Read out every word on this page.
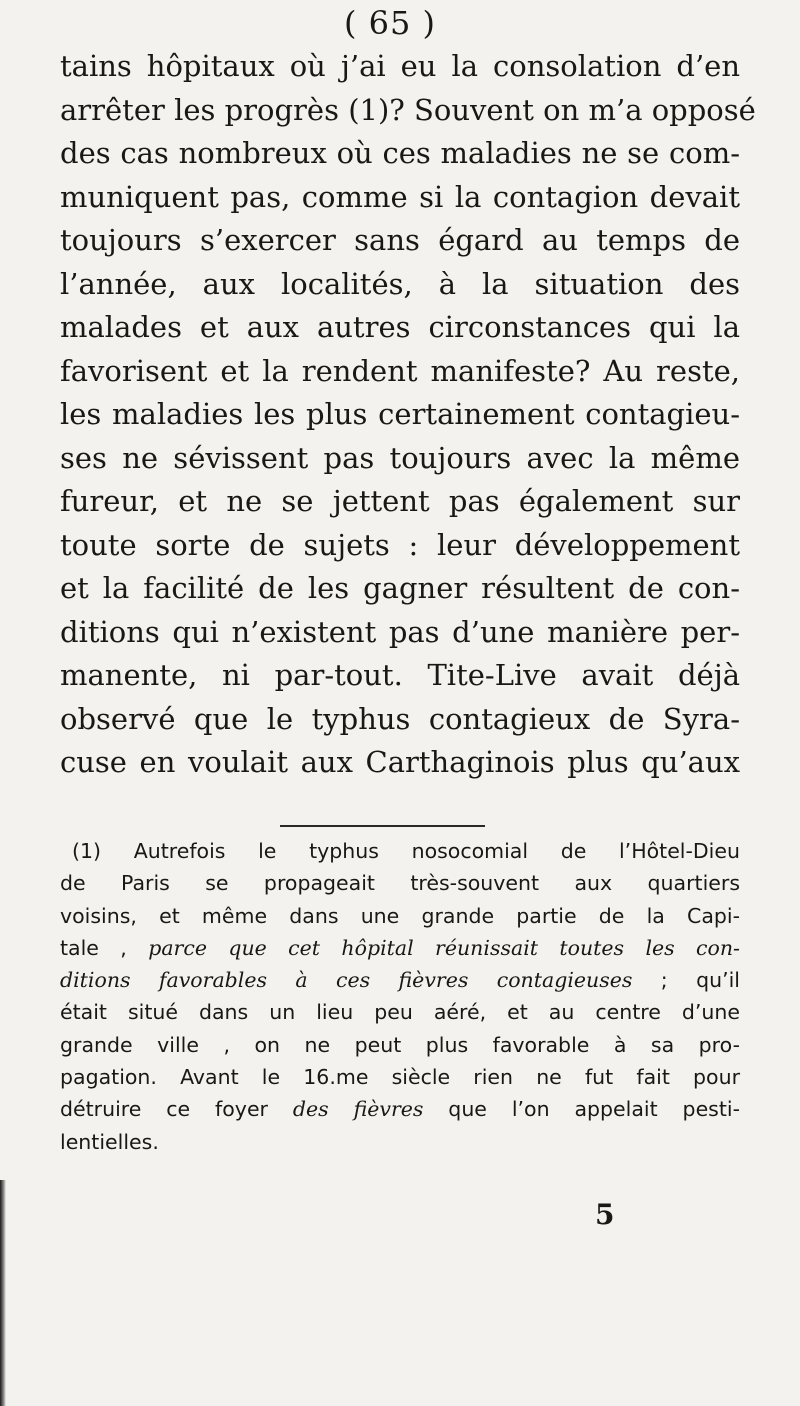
( 65 )
tains hôpitaux où j’ai eu la consolation d’en
arrêter les progrès (1)? Souvent on m’a opposé
des cas nombreux où ces maladies ne se com-
muniquent pas, comme si la contagion devait
toujours s’exercer sans égard au temps de
l’année, aux localités, à la situation des
malades et aux autres circonstances qui la
favorisent et la rendent manifeste? Au reste,
les maladies les plus certainement contagieu-
ses ne sévissent pas toujours avec la même
fureur, et ne se jettent pas également sur
toute sorte de sujets : leur développement
et la facilité de les gagner résultent de con-
ditions qui n’existent pas d’une manière per-
manente, ni par-tout. Tite-Live avait déjà
observé que le typhus contagieux de Syra-
cuse en voulait aux Carthaginois plus qu’aux
(1) Autrefois le typhus nosocomial de l’Hôtel-Dieu
de Paris se propageait très-souvent aux quartiers
voisins, et même dans une grande partie de la Capi-
tale , parce que cet hôpital réunissait toutes les con-
ditions favorables à ces fièvres contagieuses ; qu’il
était situé dans un lieu peu aéré, et au centre d’une
grande ville , on ne peut plus favorable à sa pro-
pagation. Avant le 16.me siècle rien ne fut fait pour
détruire ce foyer des fièvres que l’on appelait pesti-
lentielles.
5
